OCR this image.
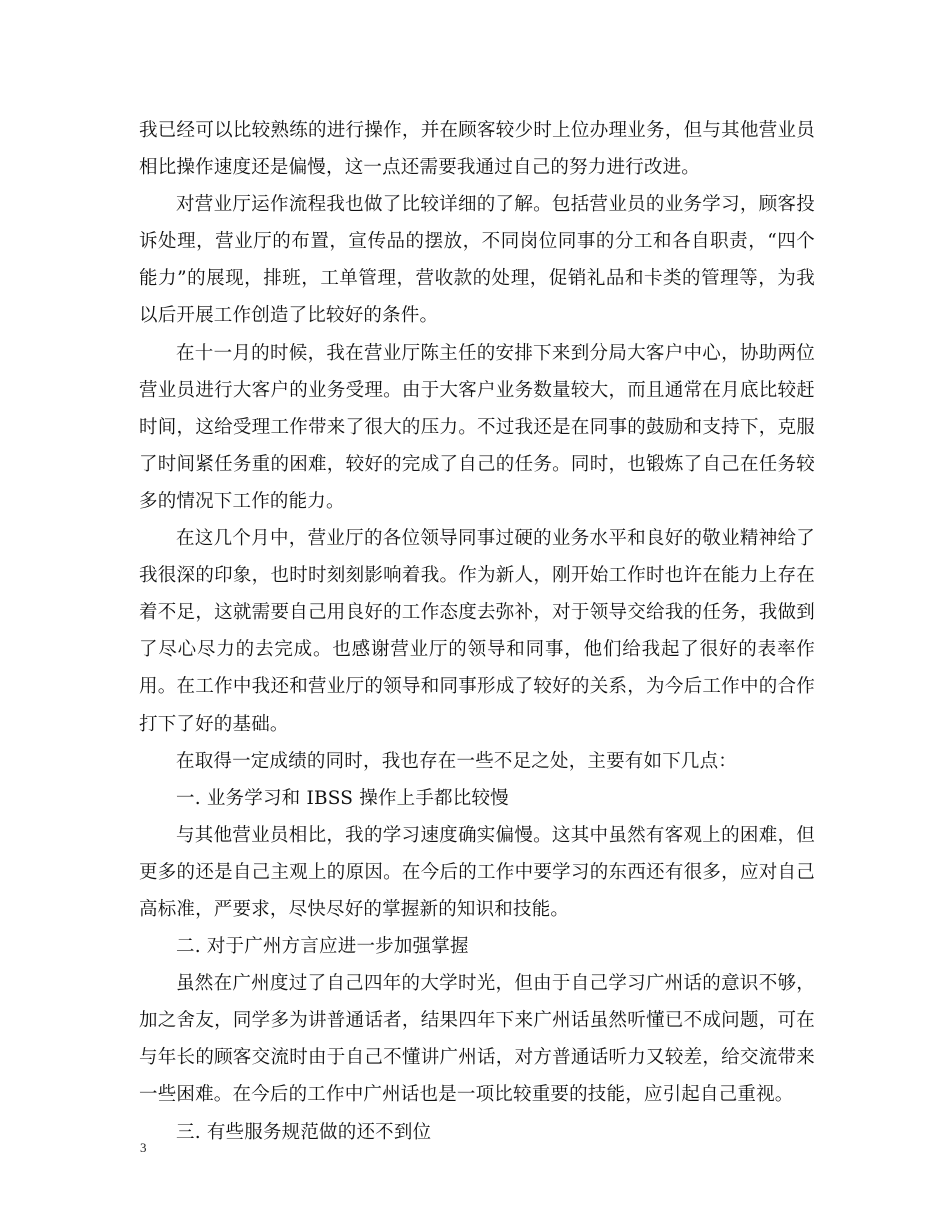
我已经可以比较熟练的进行操作，并在顾客较少时上位办理业务，但与其他营业员相比操作速度还是偏慢，这一点还需要我通过自己的努力进行改进。

对营业厅运作流程我也做了比较详细的了解。包括营业员的业务学习，顾客投诉处理，营业厅的布置，宣传品的摆放，不同岗位同事的分工和各自职责，“四个能力”的展现，排班，工单管理，营收款的处理，促销礼品和卡类的管理等，为我以后开展工作创造了比较好的条件。

在十一月的时候，我在营业厅陈主任的安排下来到分局大客户中心，协助两位营业员进行大客户的业务受理。由于大客户业务数量较大，而且通常在月底比较赶时间，这给受理工作带来了很大的压力。不过我还是在同事的鼓励和支持下，克服了时间紧任务重的困难，较好的完成了自己的任务。同时，也锻炼了自己在任务较多的情况下工作的能力。

在这几个月中，营业厅的各位领导同事过硬的业务水平和良好的敬业精神给了我很深的印象，也时时刻刻影响着我。作为新人，刚开始工作时也许在能力上存在着不足，这就需要自己用良好的工作态度去弥补，对于领导交给我的任务，我做到了尽心尽力的去完成。也感谢营业厅的领导和同事，他们给我起了很好的表率作用。在工作中我还和营业厅的领导和同事形成了较好的关系，为今后工作中的合作打下了好的基础。

在取得一定成绩的同时，我也存在一些不足之处，主要有如下几点：

一. 业务学习和 IBSS 操作上手都比较慢

与其他营业员相比，我的学习速度确实偏慢。这其中虽然有客观上的困难，但更多的还是自己主观上的原因。在今后的工作中要学习的东西还有很多，应对自己高标准，严要求，尽快尽好的掌握新的知识和技能。

二. 对于广州方言应进一步加强掌握

虽然在广州度过了自己四年的大学时光，但由于自己学习广州话的意识不够，加之舍友，同学多为讲普通话者，结果四年下来广州话虽然听懂已不成问题，可在与年长的顾客交流时由于自己不懂讲广州话，对方普通话听力又较差，给交流带来一些困难。在今后的工作中广州话也是一项比较重要的技能，应引起自己重视。

三. 有些服务规范做的还不到位

3
